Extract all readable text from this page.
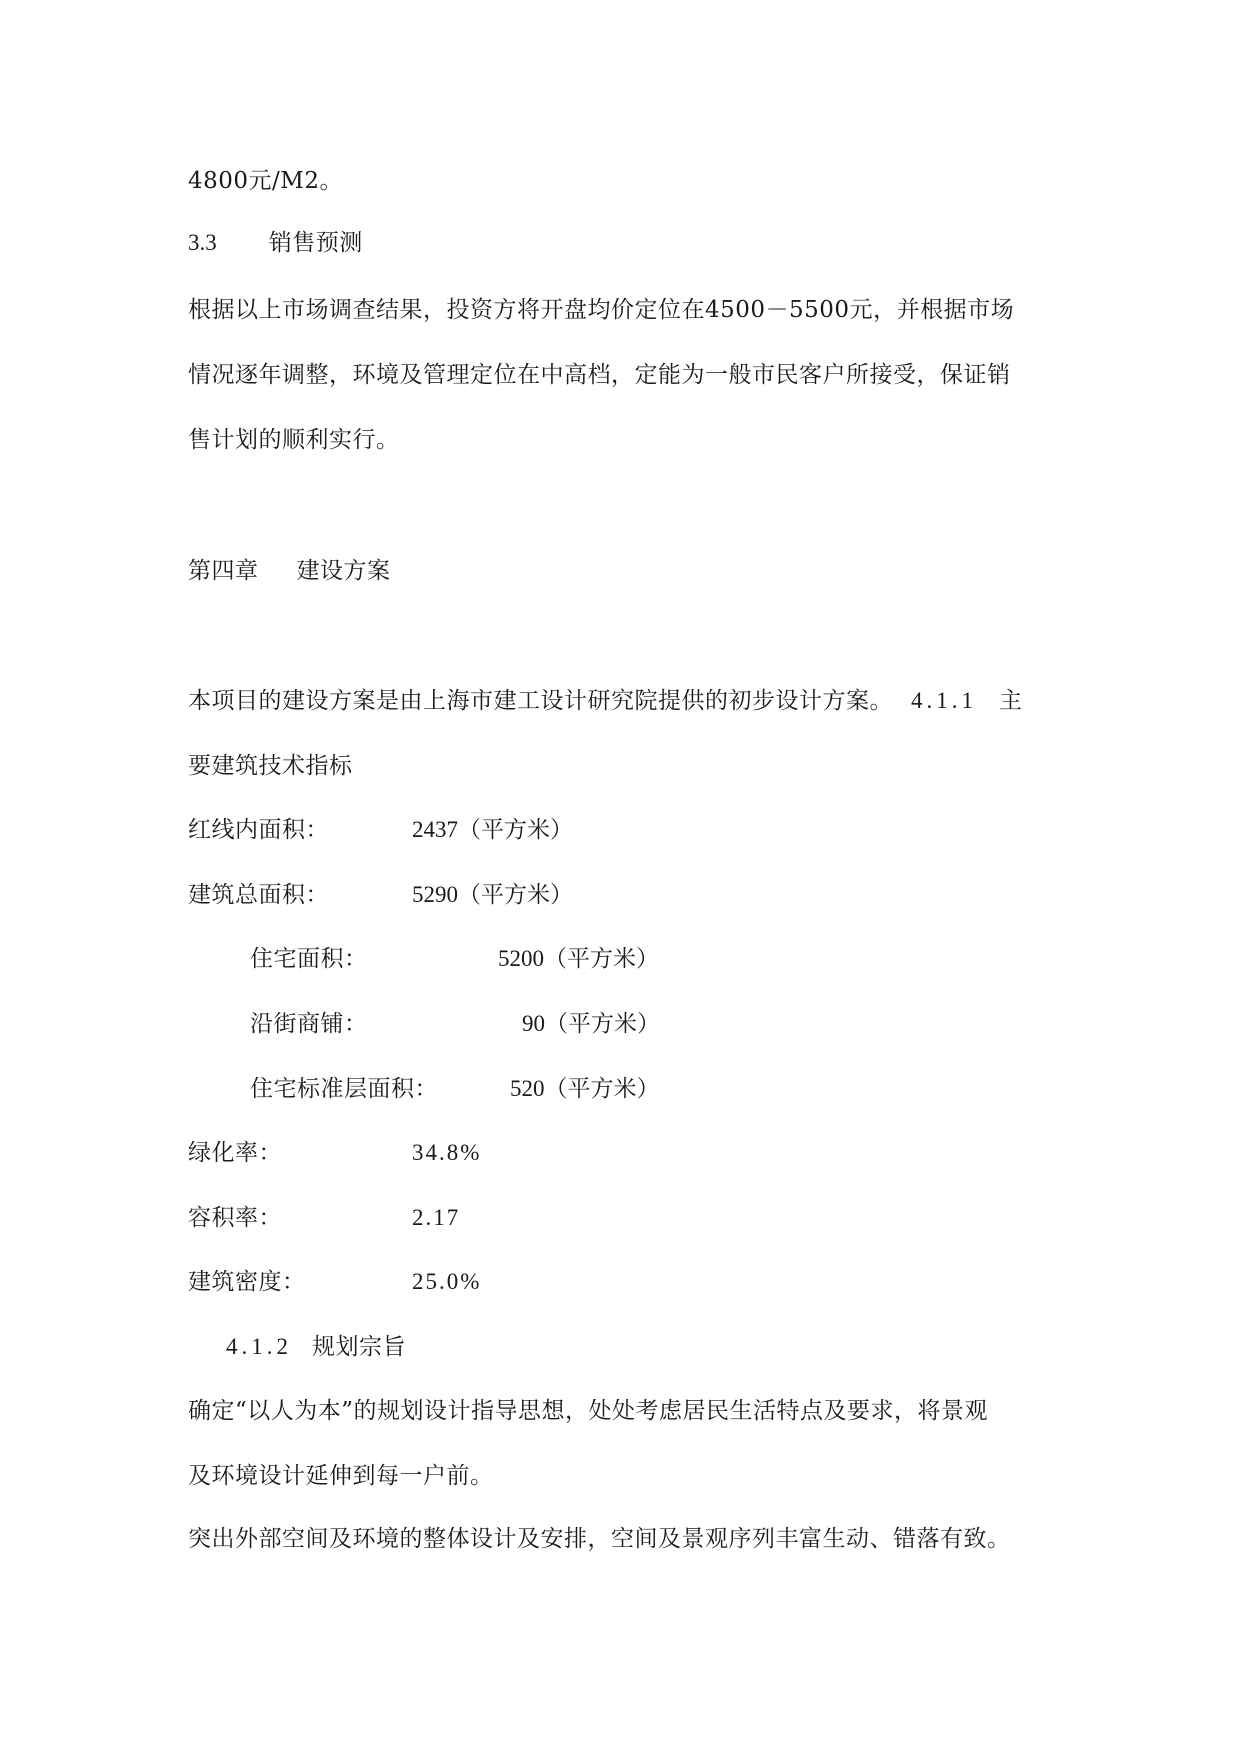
4800元/M2。
3.3 销售预测
根据以上市场调查结果，投资方将开盘均价定位在4500－5500元，并根据市场
情况逐年调整，环境及管理定位在中高档，定能为一般市民客户所接受，保证销
售计划的顺利实行。
第四章 建设方案
本项目的建设方案是由上海市建工设计研究院提供的初步设计方案。 4.1.1 主
要建筑技术指标
红线内面积：	2437（平方米）
建筑总面积：	5290（平方米）
住宅面积：	5200（平方米）
沿街商铺：	90（平方米）
住宅标准层面积：	520（平方米）
绿化率：	34.8%
容积率：	2.17
建筑密度：	25.0%
4.1.2 规划宗旨
确定“以人为本”的规划设计指导思想，处处考虑居民生活特点及要求，将景观
及环境设计延伸到每一户前。
突出外部空间及环境的整体设计及安排，空间及景观序列丰富生动、错落有致。
